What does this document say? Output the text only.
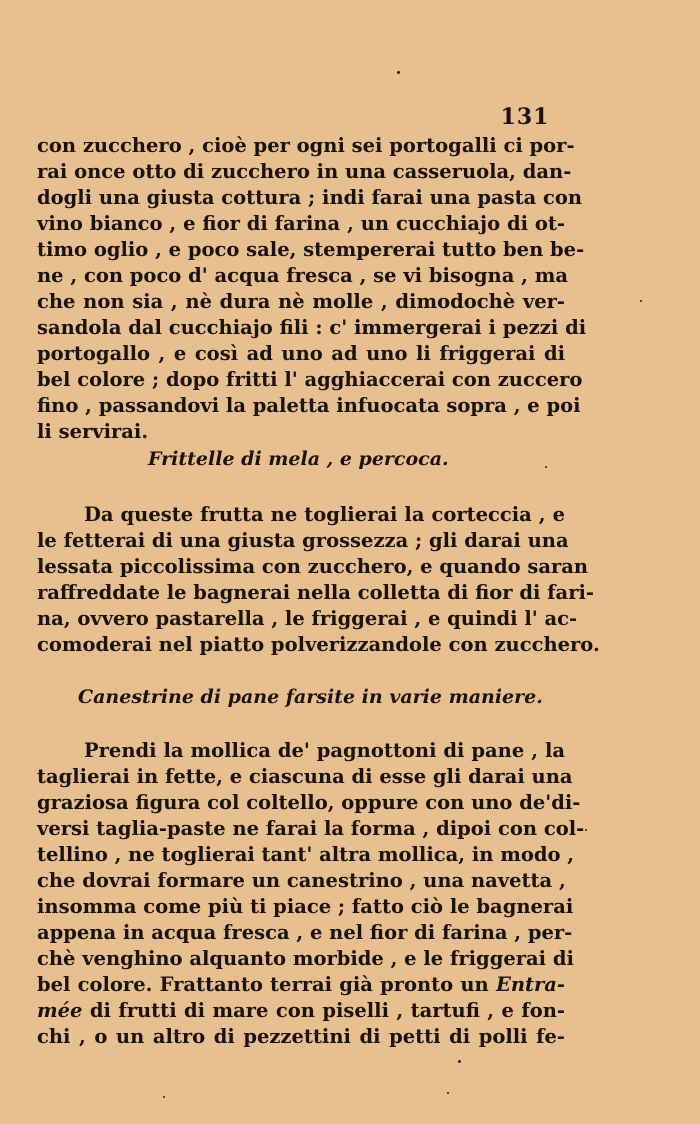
131
con zucchero , cioè per ogni sei portogalli ci por-
rai once otto di zucchero in una casseruola, dan-
dogli una giusta cottura ; indi farai una pasta con
vino bianco , e fior di farina , un cucchiajo di ot-
timo oglio , e poco sale, stempererai tutto ben be-
ne , con poco d' acqua fresca , se vi bisogna , ma
che non sia , nè dura nè molle , dimodochè ver-
sandola dal cucchiajo fili : c' immergerai i pezzi di
portogallo , e così ad uno ad uno li friggerai di
bel colore ; dopo fritti l' agghiaccerai con zuccero
fino , passandovi la paletta infuocata sopra , e poi
li servirai.
Frittelle di mela , e percoca.
Da queste frutta ne toglierai la corteccia , e
le fetterai di una giusta grossezza ; gli darai una
lessata piccolissima con zucchero, e quando saran
raffreddate le bagnerai nella colletta di fior di fari-
na, ovvero pastarella , le friggerai , e quindi l' ac-
comoderai nel piatto polverizzandole con zucchero.
Canestrine di pane farsite in varie maniere.
Prendi la mollica de' pagnottoni di pane , la
taglierai in fette, e ciascuna di esse gli darai una
graziosa figura col coltello, oppure con uno de'di-
versi taglia-paste ne farai la forma , dipoi con col-
tellino , ne toglierai tant' altra mollica, in modo ,
che dovrai formare un canestrino , una navetta ,
insomma come più ti piace ; fatto ciò le bagnerai
appena in acqua fresca , e nel fior di farina , per-
chè venghino alquanto morbide , e le friggerai di
bel colore. Frattanto terrai già pronto un Entra-
mée di frutti di mare con piselli , tartufi , e fon-
chi , o un altro di pezzettini di petti di polli fe-
